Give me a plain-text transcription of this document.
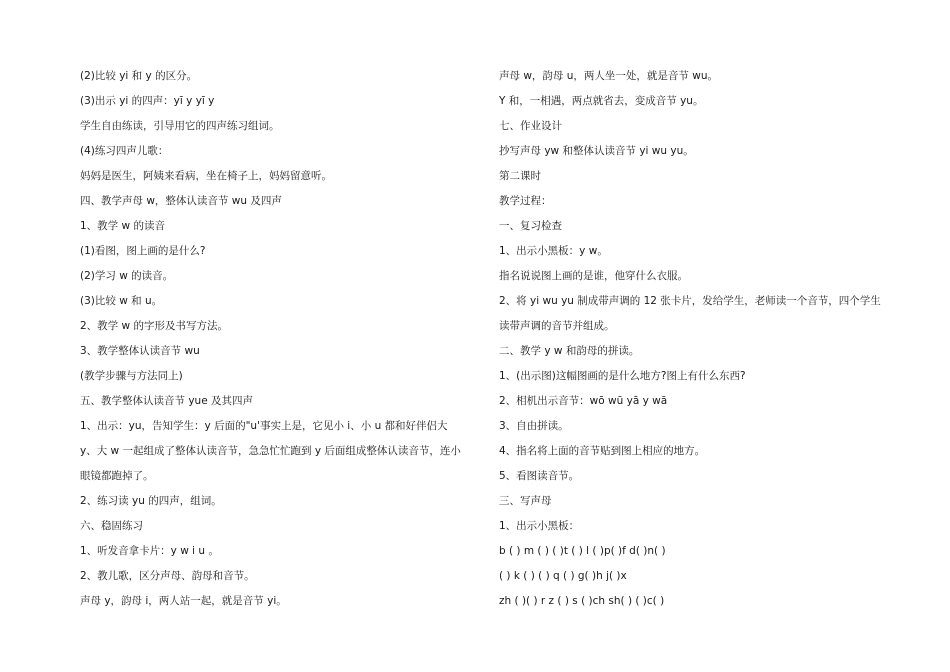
(2)比较 yi 和 y 的区分。
(3)出示 yi 的四声：yī y yī y
学生自由练读，引导用它的四声练习组词。
(4)练习四声儿歌：
妈妈是医生，阿姨来看病，坐在椅子上，妈妈留意听。
四、教学声母 w，整体认读音节 wu 及四声
1、教学 w 的读音
(1)看图，图上画的是什么?
(2)学习 w 的读音。
(3)比较 w 和 u。
2、教学 w 的字形及书写方法。
3、教学整体认读音节 wu
(教学步骤与方法同上)
五、教学整体认读音节 yue 及其四声
1、出示：yu，告知学生：y 后面的"u'事实上是，它见小 i、小 u 都和好伴侣大 y、大 w 一起组成了整体认读音节，急急忙忙跑到 y 后面组成整体认读音节，连小眼镜都跑掉了。
2、练习读 yu 的四声，组词。
六、稳固练习
1、听发音拿卡片：y w i u 。
2、教儿歌，区分声母、韵母和音节。
声母 y，韵母 i，两人站一起，就是音节 yi。
声母 w，韵母 u，两人坐一处，就是音节 wu。
Y 和，一相遇，两点就省去，变成音节 yu。
七、作业设计
抄写声母 yw 和整体认读音节 yi wu yu。
第二课时
教学过程：
一、复习检查
1、出示小黑板：y w。
指名说说图上画的是谁，他穿什么衣服。
2、将 yi wu yu 制成带声调的 12 张卡片，发给学生，老师读一个音节，四个学生读带声调的音节并组成。
二、教学 y w 和韵母的拼读。
1、(出示图)这幅图画的是什么地方?图上有什么东西?
2、相机出示音节：wō wū yā y wā
3、自由拼读。
4、指名将上面的音节贴到图上相应的地方。
5、看图读音节。
三、写声母
1、出示小黑板：
b ( ) m ( ) ( )t ( ) l ( )p( )f d( )n( )
( ) k ( ) ( ) q ( ) g( )h j( )x
zh ( )( ) r z ( ) s ( )ch sh( ) ( )c( )
